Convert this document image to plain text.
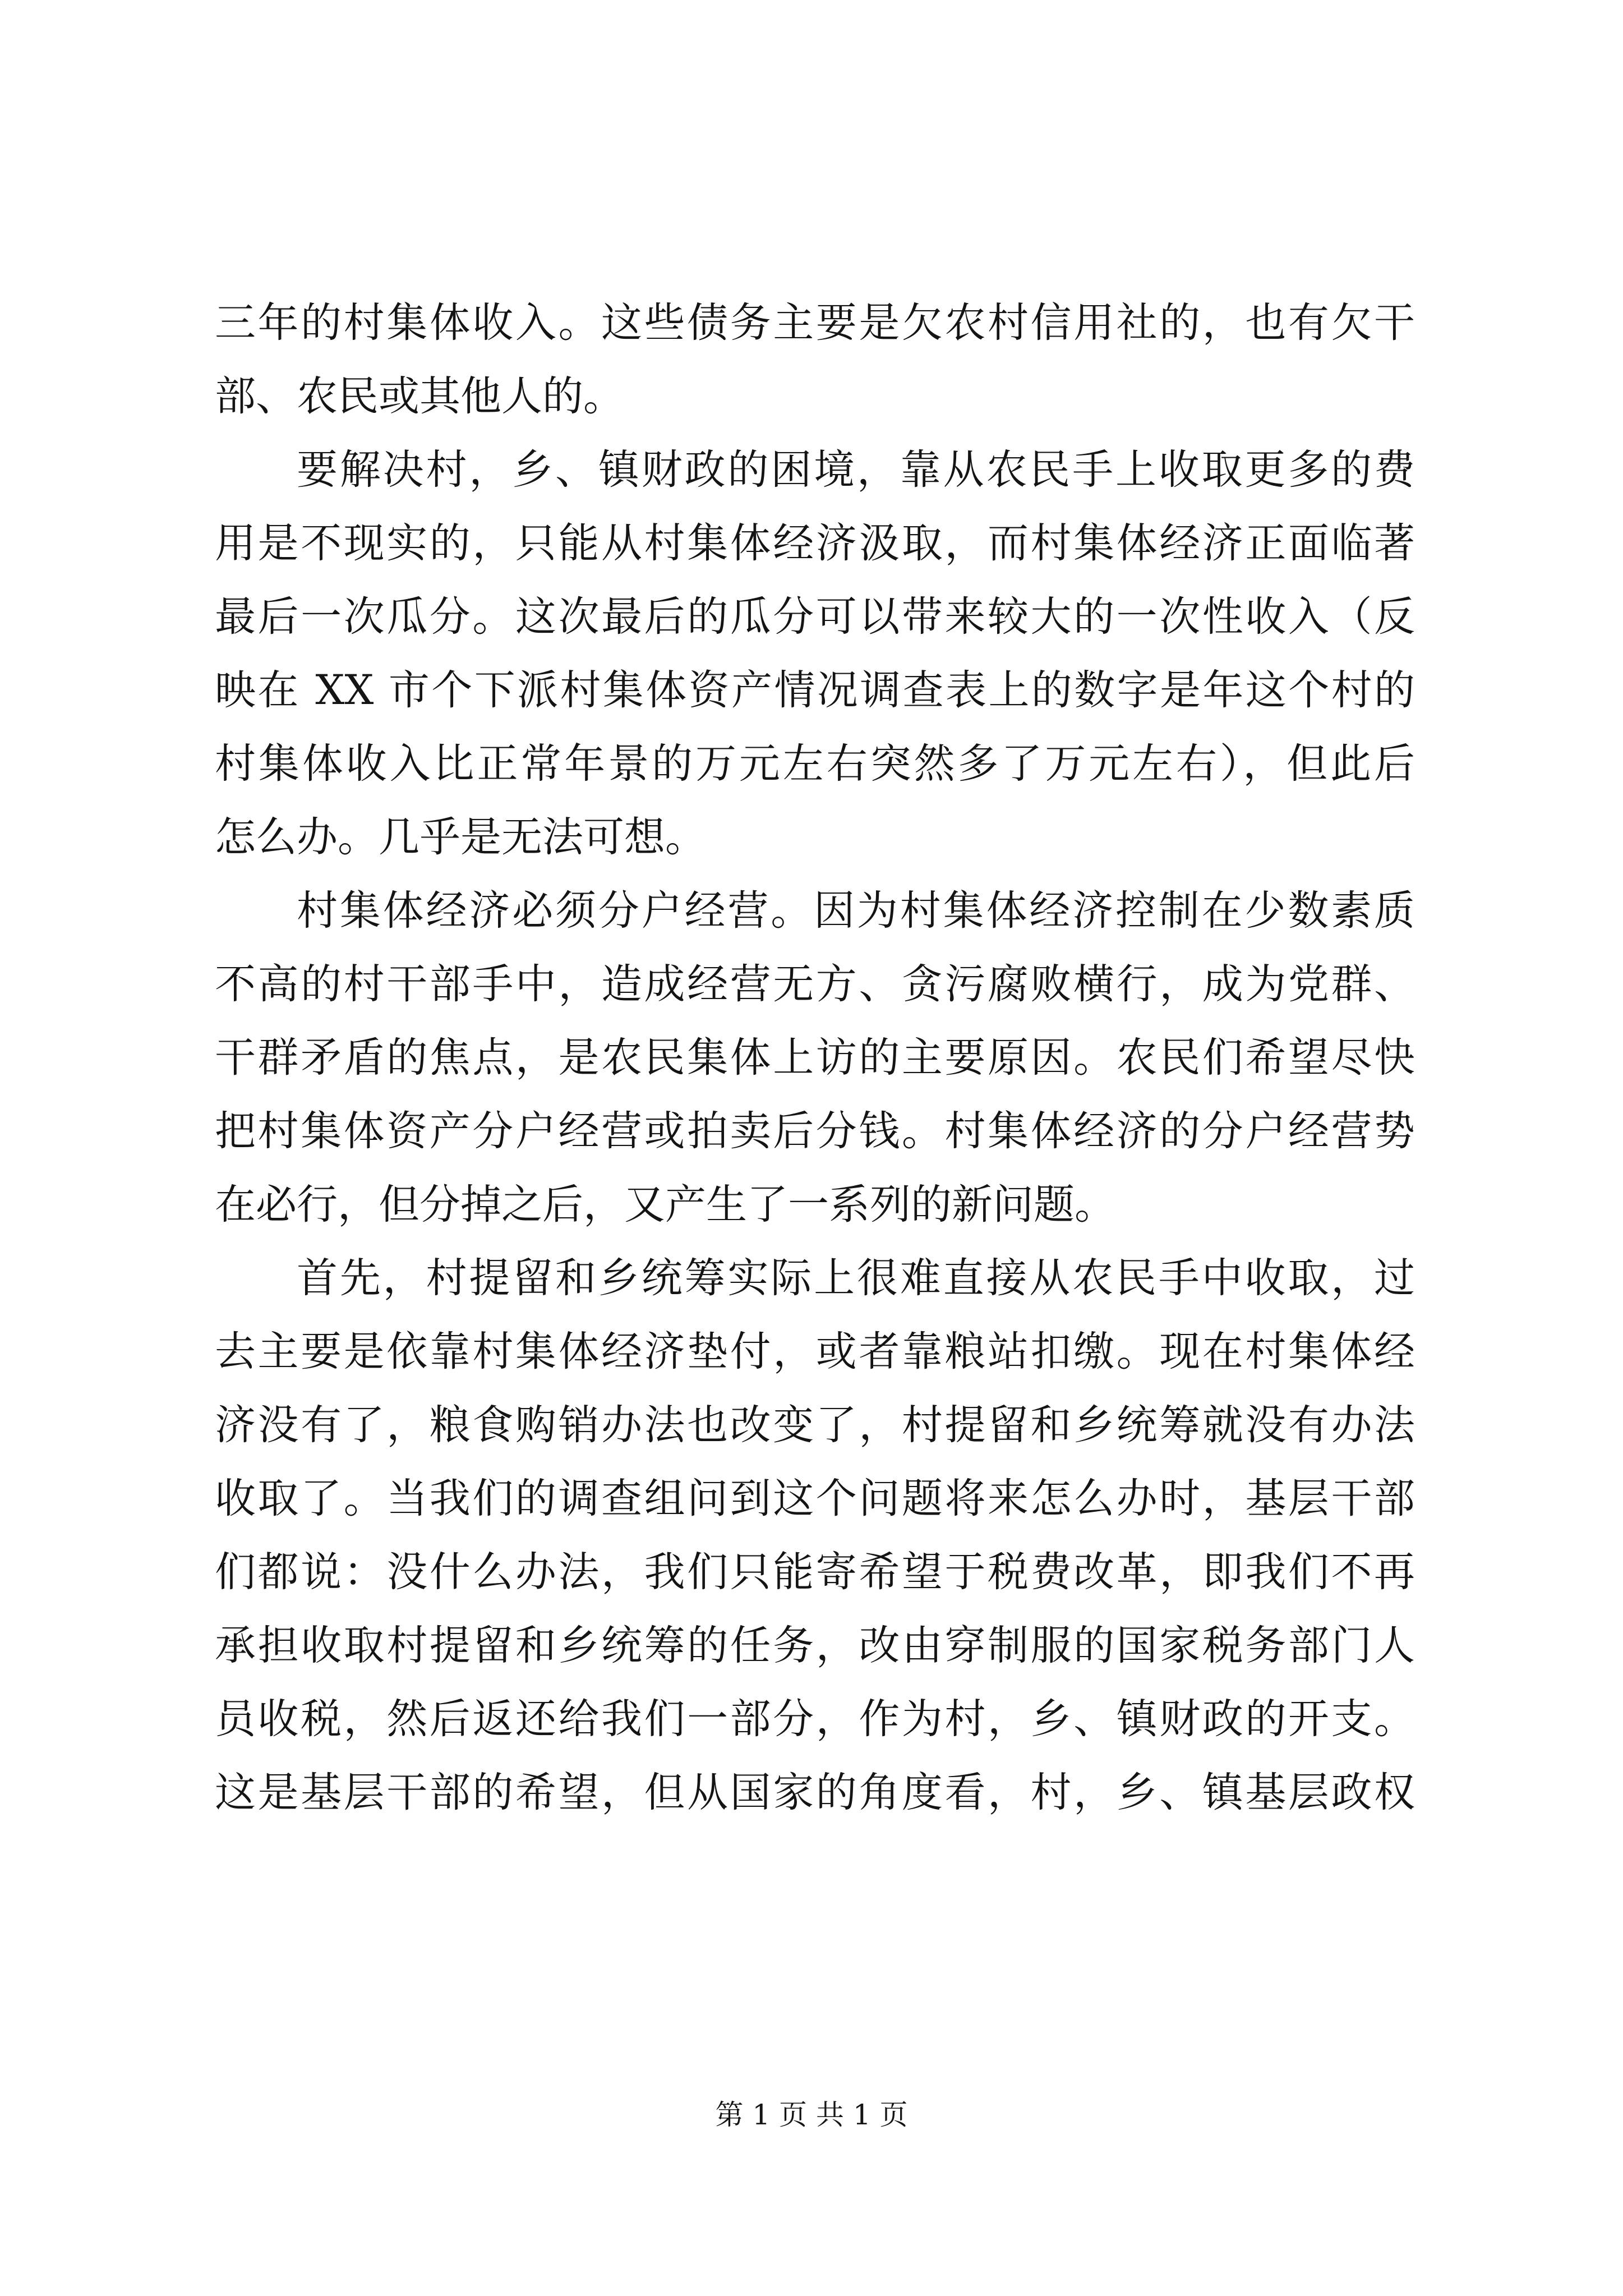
三年的村集体收入。这些债务主要是欠农村信用社的，也有欠干
部、农民或其他人的。
要解决村，乡、镇财政的困境，靠从农民手上收取更多的费
用是不现实的，只能从村集体经济汲取，而村集体经济正面临著
最后一次瓜分。这次最后的瓜分可以带来较大的一次性收入（反
映在 XX 市个下派村集体资产情况调查表上的数字是年这个村的
村集体收入比正常年景的万元左右突然多了万元左右），但此后
怎么办。几乎是无法可想。
村集体经济必须分户经营。因为村集体经济控制在少数素质
不高的村干部手中，造成经营无方、贪污腐败横行，成为党群、
干群矛盾的焦点，是农民集体上访的主要原因。农民们希望尽快
把村集体资产分户经营或拍卖后分钱。村集体经济的分户经营势
在必行，但分掉之后，又产生了一系列的新问题。
首先，村提留和乡统筹实际上很难直接从农民手中收取，过
去主要是依靠村集体经济垫付，或者靠粮站扣缴。现在村集体经
济没有了，粮食购销办法也改变了，村提留和乡统筹就没有办法
收取了。当我们的调查组问到这个问题将来怎么办时，基层干部
们都说：没什么办法，我们只能寄希望于税费改革，即我们不再
承担收取村提留和乡统筹的任务，改由穿制服的国家税务部门人
员收税，然后返还给我们一部分，作为村，乡、镇财政的开支。
这是基层干部的希望，但从国家的角度看，村，乡、镇基层政权
第 1 页 共 1 页
